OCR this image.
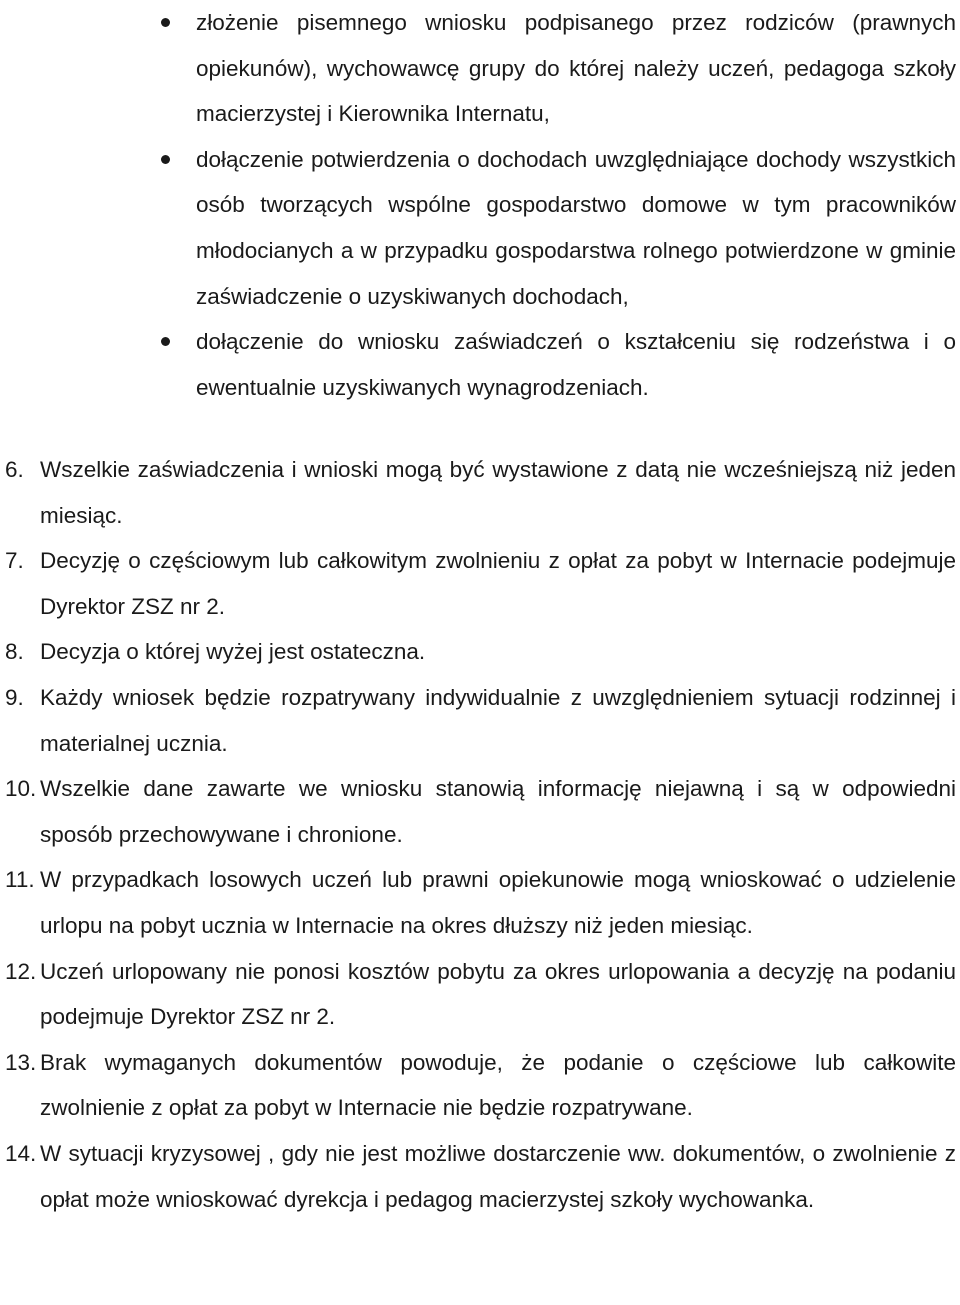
złożenie pisemnego wniosku podpisanego przez rodziców (prawnych opiekunów), wychowawcę grupy do której należy uczeń, pedagoga szkoły macierzystej i Kierownika Internatu,
dołączenie potwierdzenia o dochodach uwzględniające dochody wszystkich osób tworzących wspólne gospodarstwo domowe w tym pracowników młodocianych a w przypadku gospodarstwa rolnego potwierdzone w gminie zaświadczenie o uzyskiwanych dochodach,
dołączenie do wniosku zaświadczeń o kształceniu się rodzeństwa i o ewentualnie uzyskiwanych wynagrodzeniach.
6. Wszelkie zaświadczenia i wnioski mogą być wystawione z datą nie wcześniejszą niż jeden miesiąc.
7. Decyzję o częściowym lub całkowitym zwolnieniu z opłat za pobyt w Internacie podejmuje Dyrektor ZSZ nr 2.
8. Decyzja o której wyżej jest ostateczna.
9. Każdy wniosek będzie rozpatrywany indywidualnie z uwzględnieniem sytuacji rodzinnej i materialnej ucznia.
10. Wszelkie dane zawarte we wniosku stanowią informację niejawną i są w odpowiedni sposób przechowywane i chronione.
11. W przypadkach losowych uczeń lub prawni opiekunowie mogą wnioskować o udzielenie urlopu na pobyt ucznia w Internacie na okres dłuższy niż jeden miesiąc.
12. Uczeń urlopowany nie ponosi kosztów pobytu za okres urlopowania a decyzję na podaniu podejmuje Dyrektor ZSZ nr 2.
13. Brak wymaganych dokumentów powoduje, że podanie o częściowe lub całkowite zwolnienie z opłat za pobyt w Internacie nie będzie rozpatrywane.
14. W sytuacji kryzysowej , gdy nie jest możliwe dostarczenie ww. dokumentów, o zwolnienie z opłat może wnioskować dyrekcja i pedagog macierzystej szkoły wychowanka.
